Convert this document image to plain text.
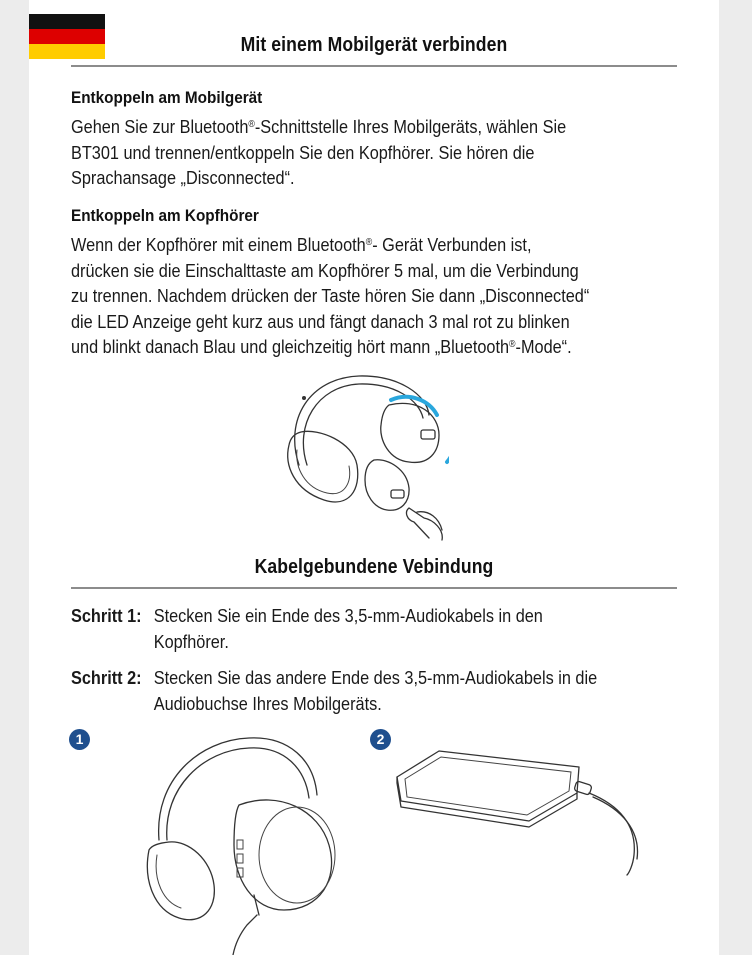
Mit einem Mobilgerät verbinden
Entkoppeln am Mobilgerät
Gehen Sie zur Bluetooth®-Schnittstelle Ihres Mobilgeräts, wählen Sie
BT301 und trennen/entkoppeln Sie den Kopfhörer. Sie hören die
Sprachansage „Disconnected“.
Entkoppeln am Kopfhörer
Wenn der Kopfhörer mit einem Bluetooth®- Gerät Verbunden ist,
drücken sie die Einschalttaste am Kopfhörer 5 mal, um die Verbindung
zu trennen. Nachdem drücken der Taste hören Sie dann „Disconnected“
die LED Anzeige geht kurz aus und fängt danach 3 mal rot zu blinken
und blinkt danach Blau und gleichzeitig hört mann „Bluetooth®-Mode“.
Kabelgebundene Vebindung
Schritt 1: Stecken Sie ein Ende des 3,5-mm-Audiokabels in den
Kopfhörer.
Schritt 2: Stecken Sie das andere Ende des 3,5-mm-Audiokabels in die
Audiobuchse Ihres Mobilgeräts.
1	2
